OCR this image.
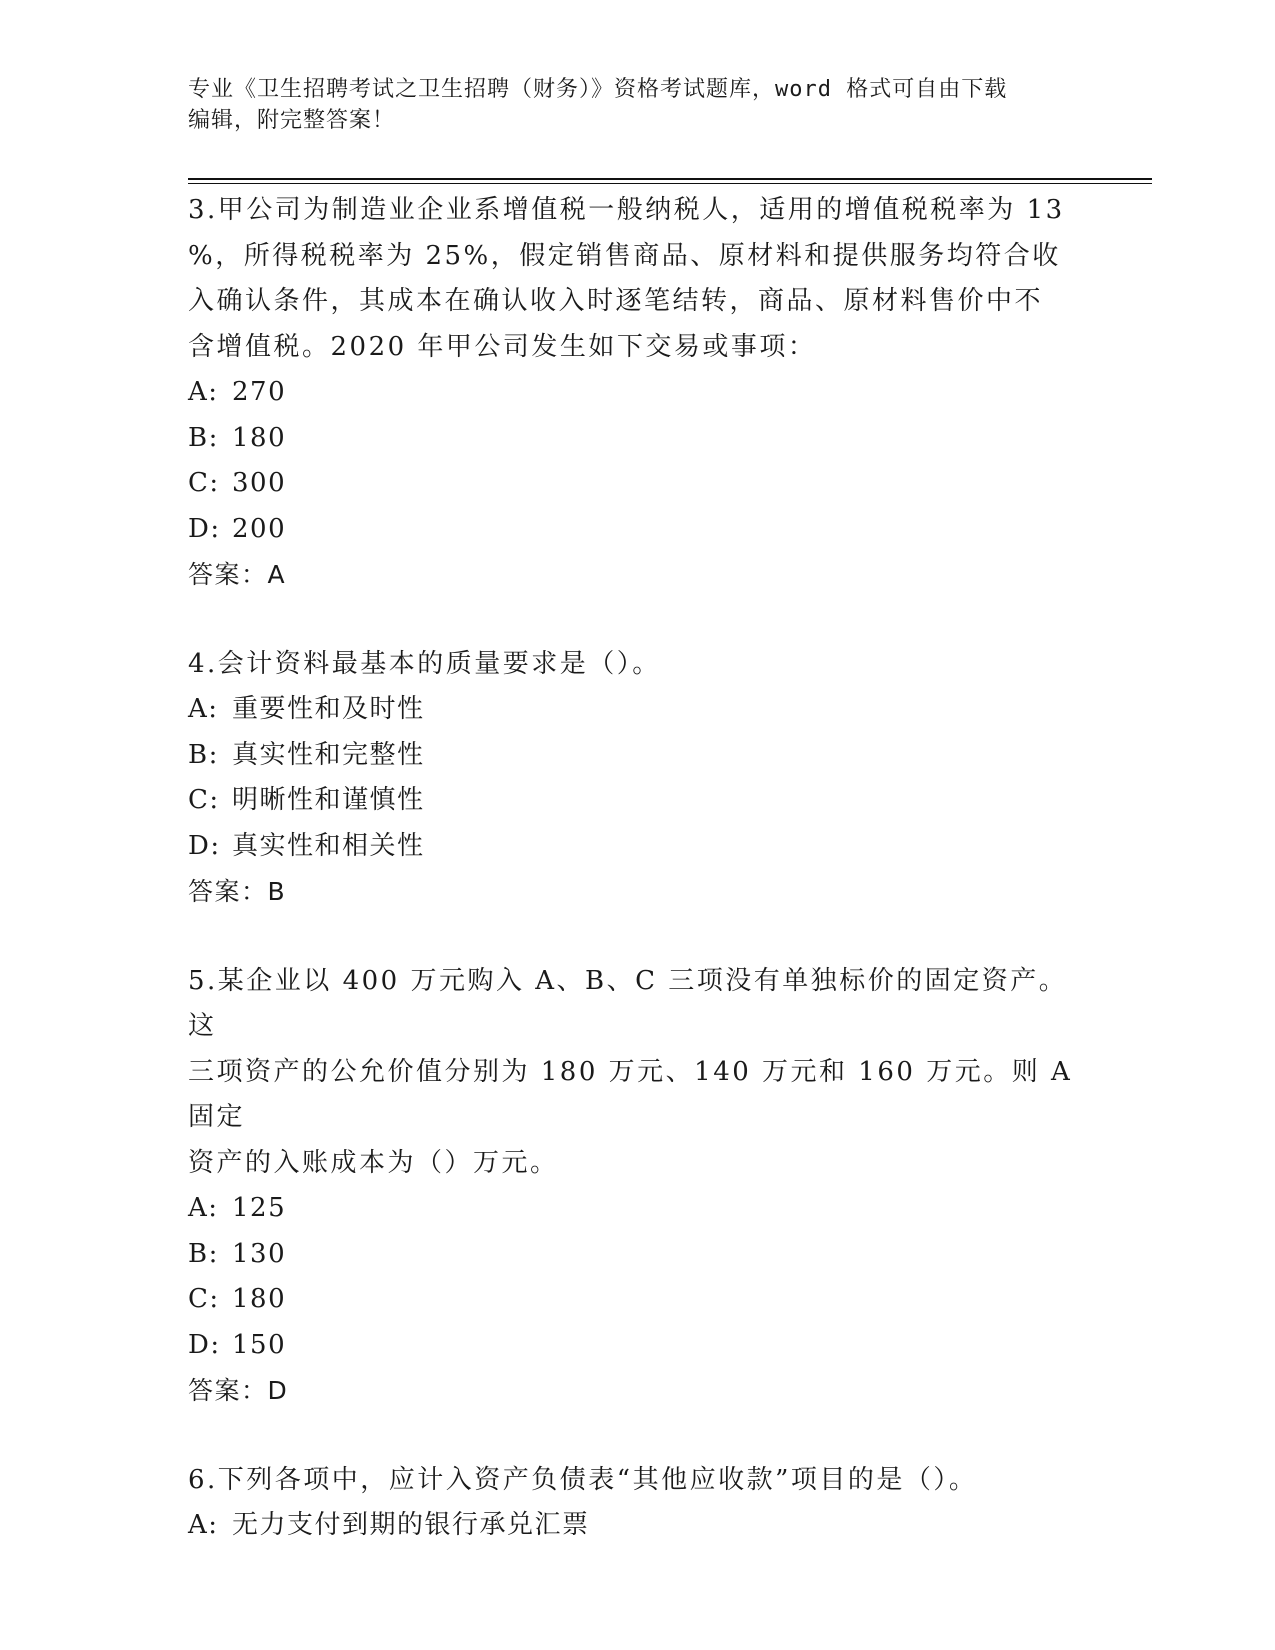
专业《卫生招聘考试之卫生招聘（财务）》资格考试题库，word 格式可自由下载
编辑，附完整答案！
3.甲公司为制造业企业系增值税一般纳税人，适用的增值税税率为 13
%，所得税税率为 25%，假定销售商品、原材料和提供服务均符合收
入确认条件，其成本在确认收入时逐笔结转，商品、原材料售价中不
含增值税。2020 年甲公司发生如下交易或事项：
A: 270
B: 180
C: 300
D: 200
答案：A
4.会计资料最基本的质量要求是（）。
A: 重要性和及时性
B: 真实性和完整性
C: 明晰性和谨慎性
D: 真实性和相关性
答案：B
5.某企业以 400 万元购入 A、B、C 三项没有单独标价的固定资产。这
三项资产的公允价值分别为 180 万元、140 万元和 160 万元。则 A 固定
资产的入账成本为（）万元。
A: 125
B: 130
C: 180
D: 150
答案：D
6.下列各项中，应计入资产负债表“其他应收款”项目的是（）。
A: 无力支付到期的银行承兑汇票
